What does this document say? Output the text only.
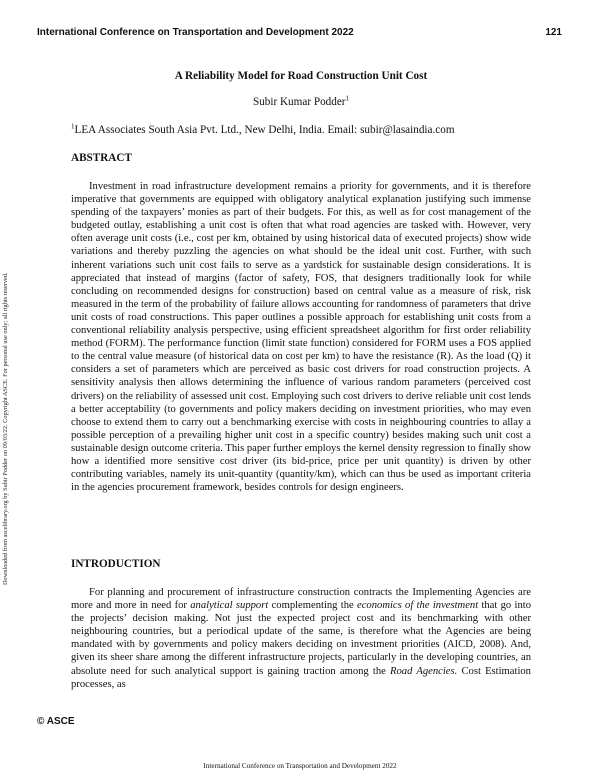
International Conference on Transportation and Development 2022	121
Downloaded from ascelibrary.org by Subir Podder on 09/03/22. Copyright ASCE. For personal use only; all rights reserved.
A Reliability Model for Road Construction Unit Cost
Subir Kumar Podder$^1$
$^1$LEA Associates South Asia Pvt. Ltd., New Delhi, India. Email: subir@lasaindia.com
ABSTRACT

Investment in road infrastructure development remains a priority for governments, and it is therefore imperative that governments are equipped with obligatory analytical explanation justifying such immense spending of the taxpayers’ monies as part of their budgets. For this, as well as for cost management of the budgeted outlay, establishing a unit cost is often that what road agencies are tasked with. However, very often average unit costs (i.e., cost per km, obtained by using historical data of executed projects) show wide variations and thereby puzzling the agencies on what should be the ideal unit cost. Further, with such inherent variations such unit cost fails to serve as a yardstick for sustainable design considerations. It is appreciated that instead of margins (factor of safety, FOS, that designers traditionally look for while concluding on recommended designs for construction) based on central value as a measure of risk, risk measured in the term of the probability of failure allows accounting for randomness of parameters that drive unit costs of road constructions. This paper outlines a possible approach for establishing unit costs from a conventional reliability analysis perspective, using efficient spreadsheet algorithm for first order reliability method (FORM). The performance function (limit state function) considered for FORM uses a FOS applied to the central value measure (of historical data on cost per km) to have the resistance (R). As the load (Q) it considers a set of parameters which are perceived as basic cost drivers for road construction projects. A sensitivity analysis then allows determining the influence of various random parameters (perceived cost drivers) on the reliability of assessed unit cost. Employing such cost drivers to derive reliable unit cost lends a better acceptability (to governments and policy makers deciding on investment priorities, who may even choose to extend them to carry out a benchmarking exercise with costs in neighbouring countries to allay a possible perception of a prevailing higher unit cost in a specific country) besides making such unit cost a sustainable design outcome criteria. This paper further employs the kernel density regression to finally show how a identified more sensitive cost driver (its bid-price, price per unit quantity) is driven by other contributing variables, namely its unit-quantity (quantity/km), which can thus be used as important criteria in the agencies procurement framework, besides controls for design engineers.

INTRODUCTION

For planning and procurement of infrastructure construction contracts the Implementing Agencies are more and more in need for analytical support complementing the economics of the investment that go into the projects’ decision making. Not just the expected project cost and its benchmarking with other neighbouring countries, but a periodical update of the same, is therefore what the Agencies are being mandated with by governments and policy makers deciding on investment priorities (AICD, 2008). And, given its sheer share among the different infrastructure projects, particularly in the developing countries, an absolute need for such analytical support is gaining traction among the Road Agencies. Cost Estimation processes, as

© ASCE
International Conference on Transportation and Development 2022
